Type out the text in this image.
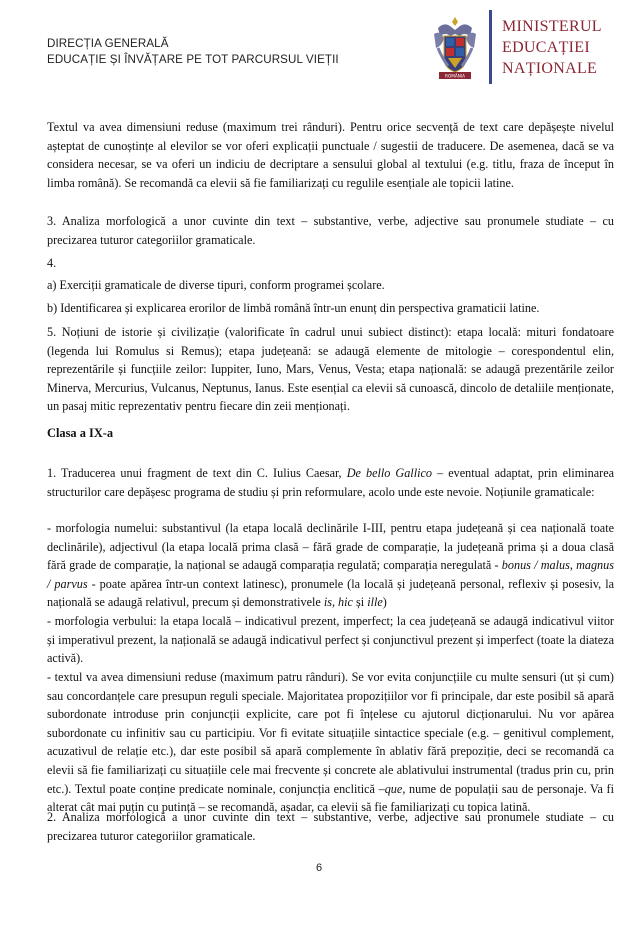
DIRECȚIA GENERALĂ
EDUCAȚIE ȘI ÎNVĂȚARE PE TOT PARCURSUL VIEȚII
ROMÂNIA
MINISTERUL
EDUCAȚIEI
NAȚIONALE

Textul va avea dimensiuni reduse (maximum trei rânduri). Pentru orice secvență de text care depășește nivelul așteptat de cunoștințe al elevilor se vor oferi explicații punctuale / sugestii de traducere. De asemenea, dacă se va considera necesar, se va oferi un indiciu de decriptare a sensului global al textului (e.g. titlu, fraza de început în limba română). Se recomandă ca elevii să fie familiarizați cu regulile esențiale ale topicii latine.

3. Analiza morfologică a unor cuvinte din text – substantive, verbe, adjective sau pronumele studiate – cu precizarea tuturor categoriilor gramaticale.

4.

a) Exerciții gramaticale de diverse tipuri, conform programei școlare.

b) Identificarea și explicarea erorilor de limbă română într-un enunț din perspectiva gramaticii latine.

5. Noțiuni de istorie și civilizație (valorificate în cadrul unui subiect distinct): etapa locală: mituri fondatoare (legenda lui Romulus si Remus); etapa județeană: se adaugă elemente de mitologie – corespondentul elin, reprezentările și funcțiile zeilor: Iuppiter, Iuno, Mars, Venus, Vesta; etapa națională: se adaugă prezentările zeilor Minerva, Mercurius, Vulcanus, Neptunus, Ianus. Este esențial ca elevii să cunoască, dincolo de detaliile menționate, un pasaj mitic reprezentativ pentru fiecare din zeii menționați.

Clasa a IX-a

1. Traducerea unui fragment de text din C. Iulius Caesar, De bello Gallico – eventual adaptat, prin eliminarea structurilor care depășesc programa de studiu și prin reformulare, acolo unde este nevoie. Noțiunile gramaticale:

- morfologia numelui: substantivul (la etapa locală declinările I-III, pentru etapa județeană și cea națională toate declinările), adjectivul (la etapa locală prima clasă – fără grade de comparație, la județeană prima și a doua clasă fără grade de comparație, la național se adaugă comparația regulată; comparația neregulată - bonus / malus, magnus / parvus - poate apărea într-un context latinesc), pronumele (la locală și județeană personal, reflexiv și posesiv, la națională se adaugă relativul, precum și demonstrativele is, hic și ille)

- morfologia verbului: la etapa locală – indicativul prezent, imperfect; la cea județeană se adaugă indicativul viitor și imperativul prezent, la națională se adaugă indicativul perfect și conjunctivul prezent și imperfect (toate la diateza activă).

- textul va avea dimensiuni reduse (maximum patru rânduri). Se vor evita conjuncțiile cu multe sensuri (ut și cum) sau concordanțele care presupun reguli speciale. Majoritatea propozițiilor vor fi principale, dar este posibil să apară subordonate introduse prin conjuncții explicite, care pot fi înțelese cu ajutorul dicționarului. Nu vor apărea subordonate cu infinitiv sau cu participiu. Vor fi evitate situațiile sintactice speciale (e.g. – genitivul complement, acuzativul de relație etc.), dar este posibil să apară complemente în ablativ fără prepoziție, deci se recomandă ca elevii să fie familiarizați cu situațiile cele mai frecvente și concrete ale ablativului instrumental (tradus prin cu, prin etc.). Textul poate conține predicate nominale, conjuncția enclitică –que, nume de populații sau de personaje. Va fi alterat cât mai puțin cu putință – se recomandă, așadar, ca elevii să fie familiarizați cu topica latină.

2. Analiza morfologică a unor cuvinte din text – substantive, verbe, adjective sau pronumele studiate – cu precizarea tuturor categoriilor gramaticale.

6
